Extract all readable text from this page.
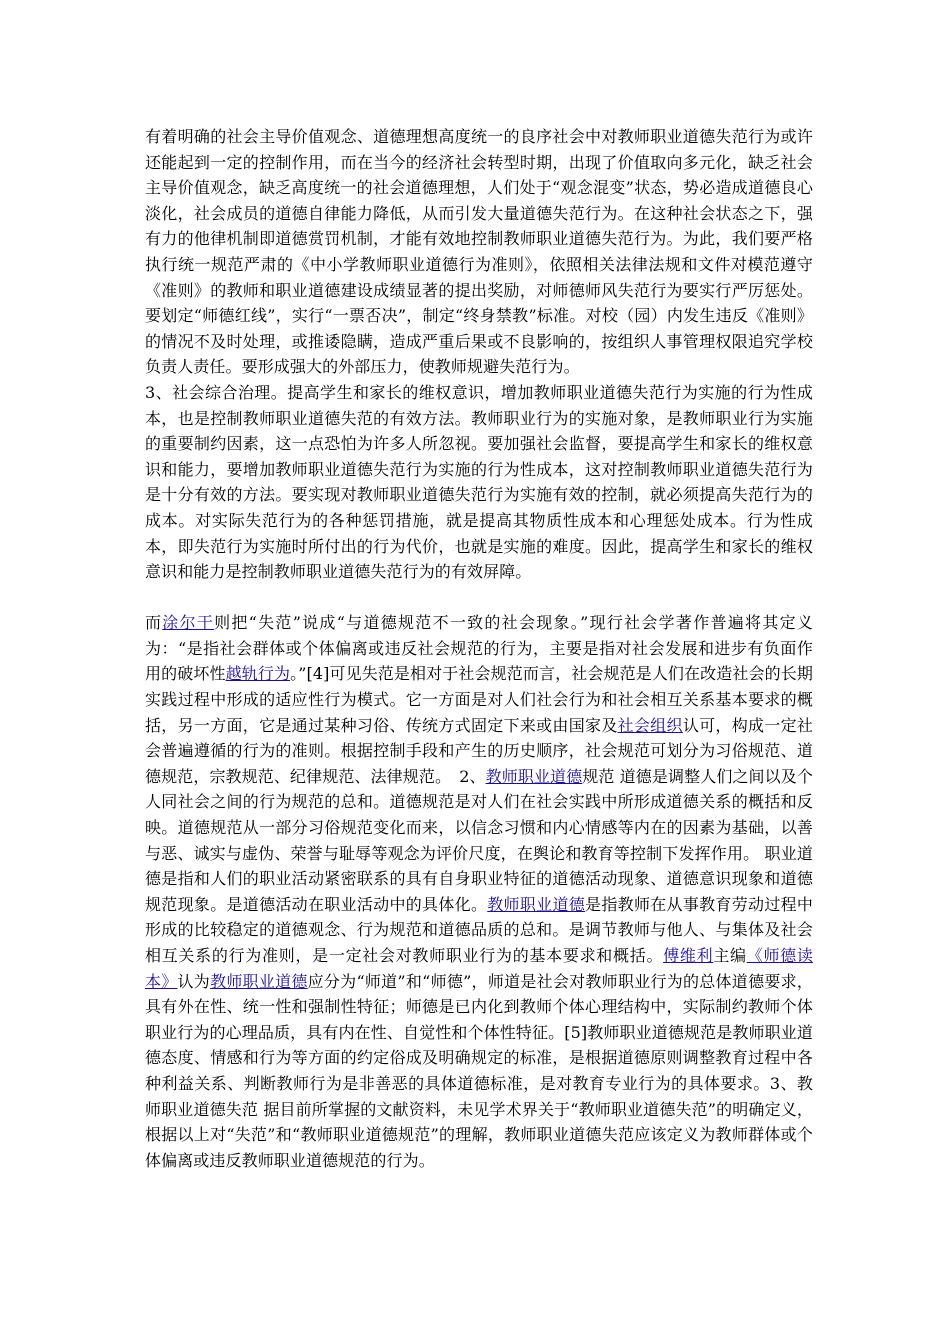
有着明确的社会主导价值观念、道德理想高度统一的良序社会中对教师职业道德失范行为或许还能起到一定的控制作用，而在当今的经济社会转型时期，出现了价值取向多元化，缺乏社会主导价值观念，缺乏高度统一的社会道德理想，人们处于“观念混变”状态，势必造成道德良心淡化，社会成员的道德自律能力降低，从而引发大量道德失范行为。在这种社会状态之下，强有力的他律机制即道德赏罚机制，才能有效地控制教师职业道德失范行为。为此，我们要严格执行统一规范严肃的《中小学教师职业道德行为准则》，依照相关法律法规和文件对模范遵守《准则》的教师和职业道德建设成绩显著的提出奖励，对师德师风失范行为要实行严厉惩处。要划定“师德红线”，实行“一票否决”，制定“终身禁教”标准。对校（园）内发生违反《准则》的情况不及时处理，或推诿隐瞒，造成严重后果或不良影响的，按组织人事管理权限追究学校负责人责任。要形成强大的外部压力，使教师规避失范行为。

3、社会综合治理。提高学生和家长的维权意识，增加教师职业道德失范行为实施的行为性成本，也是控制教师职业道德失范的有效方法。教师职业行为的实施对象，是教师职业行为实施的重要制约因素，这一点恐怕为许多人所忽视。要加强社会监督，要提高学生和家长的维权意识和能力，要增加教师职业道德失范行为实施的行为性成本，这对控制教师职业道德失范行为是十分有效的方法。要实现对教师职业道德失范行为实施有效的控制，就必须提高失范行为的成本。对实际失范行为的各种惩罚措施，就是提高其物质性成本和心理惩处成本。行为性成本，即失范行为实施时所付出的行为代价，也就是实施的难度。因此，提高学生和家长的维权意识和能力是控制教师职业道德失范行为的有效屏障。

而涂尔干则把“失范”说成“与道德规范不一致的社会现象。”现行社会学著作普遍将其定义为：“是指社会群体或个体偏离或违反社会规范的行为，主要是指对社会发展和进步有负面作用的破坏性越轨行为。”[4]可见失范是相对于社会规范而言，社会规范是人们在改造社会的长期实践过程中形成的适应性行为模式。它一方面是对人们社会行为和社会相互关系基本要求的概括，另一方面，它是通过某种习俗、传统方式固定下来或由国家及社会组织认可，构成一定社会普遍遵循的行为的准则。根据控制手段和产生的历史顺序，社会规范可划分为习俗规范、道德规范，宗教规范、纪律规范、法律规范。　2、教师职业道德规范 道德是调整人们之间以及个人同社会之间的行为规范的总和。道德规范是对人们在社会实践中所形成道德关系的概括和反映。道德规范从一部分习俗规范变化而来，以信念习惯和内心情感等内在的因素为基础，以善与恶、诚实与虚伪、荣誉与耻辱等观念为评价尺度，在舆论和教育等控制下发挥作用。 职业道德是指和人们的职业活动紧密联系的具有自身职业特征的道德活动现象、道德意识现象和道德规范现象。是道德活动在职业活动中的具体化。教师职业道德是指教师在从事教育劳动过程中形成的比较稳定的道德观念、行为规范和道德品质的总和。是调节教师与他人、与集体及社会相互关系的行为准则，是一定社会对教师职业行为的基本要求和概括。傅维利主编《师德读本》认为教师职业道德应分为“师道”和“师德”，师道是社会对教师职业行为的总体道德要求，具有外在性、统一性和强制性特征；师德是已内化到教师个体心理结构中，实际制约教师个体职业行为的心理品质，具有内在性、自觉性和个体性特征。[5]教师职业道德规范是教师职业道德态度、情感和行为等方面的约定俗成及明确规定的标准，是根据道德原则调整教育过程中各种利益关系、判断教师行为是非善恶的具体道德标准，是对教育专业行为的具体要求。3、教师职业道德失范 据目前所掌握的文献资料，未见学术界关于“教师职业道德失范”的明确定义，根据以上对“失范”和“教师职业道德规范”的理解，教师职业道德失范应该定义为教师群体或个体偏离或违反教师职业道德规范的行为。
